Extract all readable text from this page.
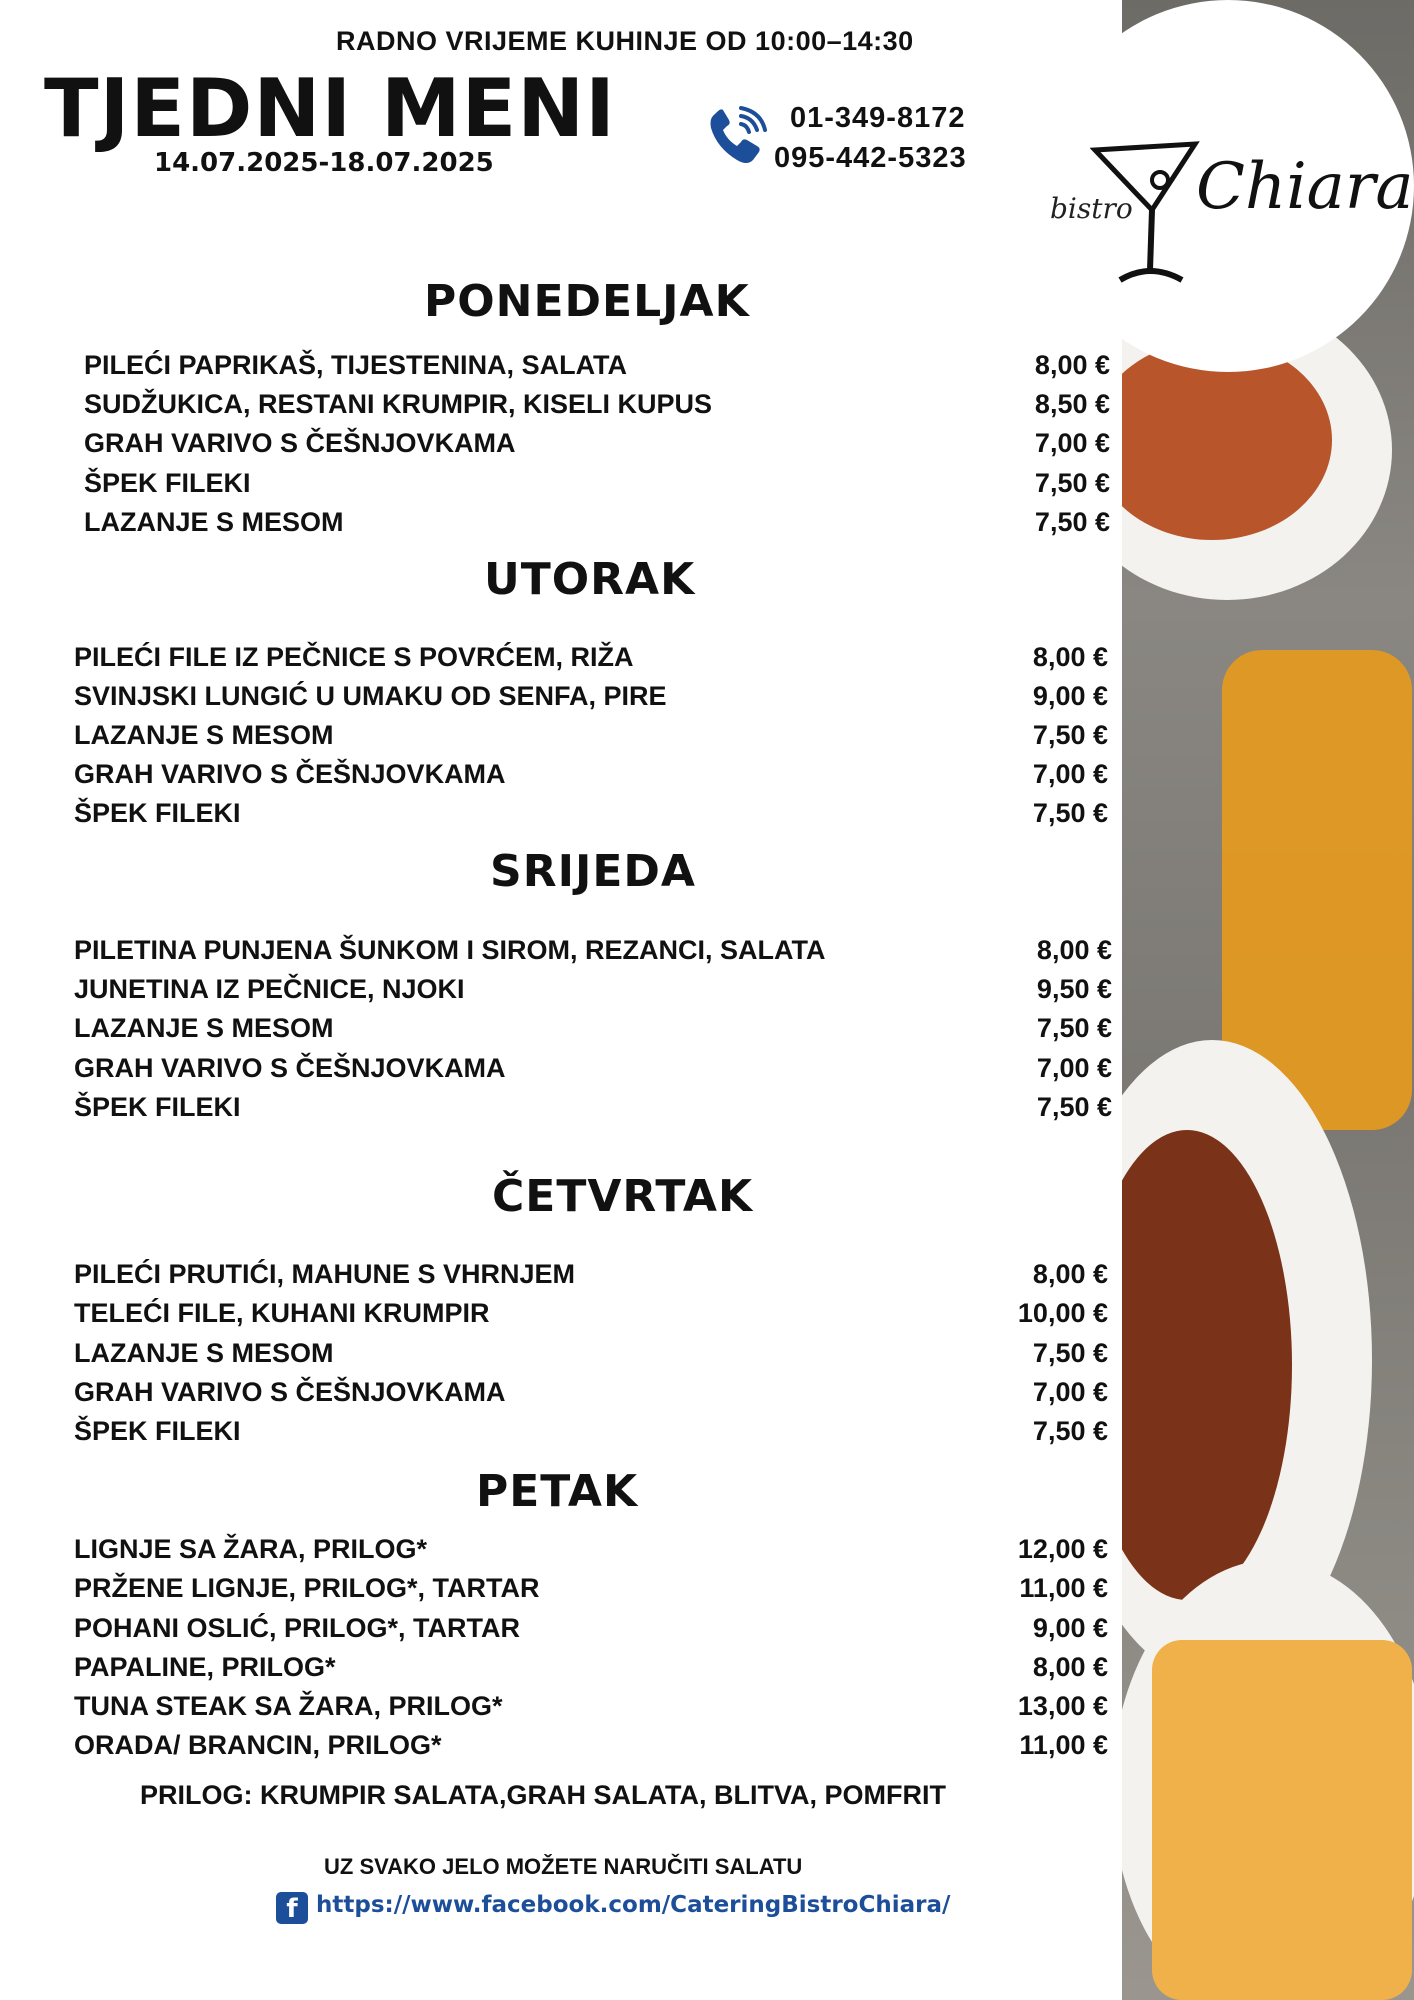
bistro Chiara
RADNO VRIJEME KUHINJE OD 10:00–14:30
TJEDNI MENI
14.07.2025-18.07.2025
01-349-8172
095-442-5323
PONEDELJAK
PILEĆI PAPRIKAŠ, TIJESTENINA, SALATA	8,00 €
SUDŽUKICA, RESTANI KRUMPIR, KISELI KUPUS	8,50 €
GRAH VARIVO S ČEŠNJOVKAMA	7,00 €
ŠPEK FILEKI	7,50 €
LAZANJE S MESOM	7,50 €
UTORAK
PILEĆI FILE IZ PEČNICE S POVRĆEM, RIŽA	8,00 €
SVINJSKI LUNGIĆ U UMAKU OD SENFA, PIRE	9,00 €
LAZANJE S MESOM	7,50 €
GRAH VARIVO S ČEŠNJOVKAMA	7,00 €
ŠPEK FILEKI	7,50 €
SRIJEDA
PILETINA PUNJENA ŠUNKOM I SIROM, REZANCI, SALATA	8,00 €
JUNETINA IZ PEČNICE, NJOKI	9,50 €
LAZANJE S MESOM	7,50 €
GRAH VARIVO S ČEŠNJOVKAMA	7,00 €
ŠPEK FILEKI	7,50 €
ČETVRTAK
PILEĆI PRUTIĆI, MAHUNE S VHRNJEM	8,00 €
TELEĆI FILE, KUHANI KRUMPIR	10,00 €
LAZANJE S MESOM	7,50 €
GRAH VARIVO S ČEŠNJOVKAMA	7,00 €
ŠPEK FILEKI	7,50 €
PETAK
LIGNJE SA ŽARA, PRILOG*	12,00 €
PRŽENE LIGNJE, PRILOG*, TARTAR	11,00 €
POHANI OSLIĆ, PRILOG*, TARTAR	9,00 €
PAPALINE, PRILOG*	8,00 €
TUNA STEAK SA ŽARA, PRILOG*	13,00 €
ORADA/ BRANCIN, PRILOG*	11,00 €
PRILOG: KRUMPIR SALATA,GRAH SALATA, BLITVA, POMFRIT
UZ SVAKO JELO MOŽETE NARUČITI SALATU
f https://www.facebook.com/CateringBistroChiara/
